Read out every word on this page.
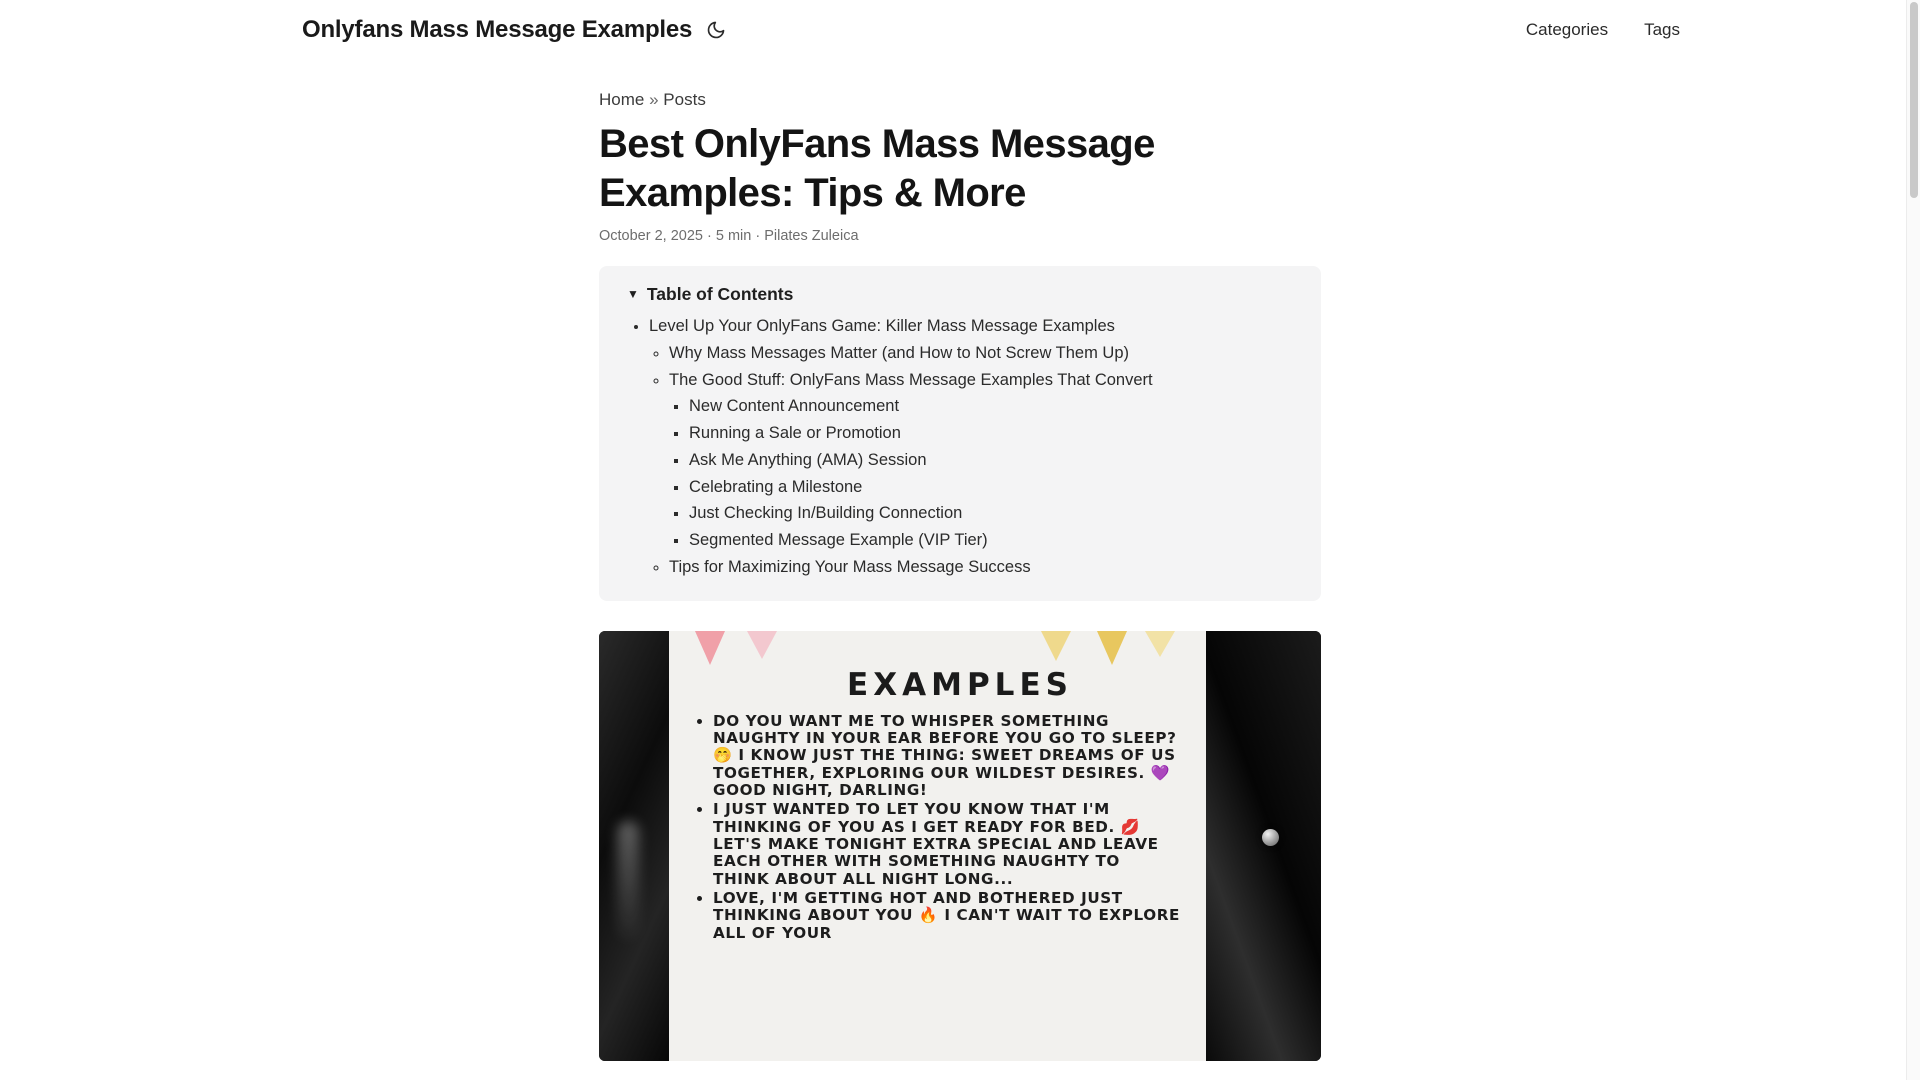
Onlyfans Mass Message Examples	Categories Tags
Home » Posts
Best OnlyFans Mass Message Examples: Tips & More
October 2, 2025 · 5 min · Pilates Zuleica
▼ Table of Contents
• Level Up Your OnlyFans Game: Killer Mass Message Examples
◦ Why Mass Messages Matter (and How to Not Screw Them Up)
◦ The Good Stuff: OnlyFans Mass Message Examples That Convert
▪ New Content Announcement
▪ Running a Sale or Promotion
▪ Ask Me Anything (AMA) Session
▪ Celebrating a Milestone
▪ Just Checking In/Building Connection
▪ Segmented Message Example (VIP Tier)
◦ Tips for Maximizing Your Mass Message Success
EXAMPLES
• DO YOU WANT ME TO WHISPER SOMETHING NAUGHTY IN YOUR EAR BEFORE YOU GO TO SLEEP? 🤭 I KNOW JUST THE THING: SWEET DREAMS OF US TOGETHER, EXPLORING OUR WILDEST DESIRES. 💜 GOOD NIGHT, DARLING!
• I JUST WANTED TO LET YOU KNOW THAT I'M THINKING OF YOU AS I GET READY FOR BED. 💋 LET'S MAKE TONIGHT EXTRA SPECIAL AND LEAVE EACH OTHER WITH SOMETHING NAUGHTY TO THINK ABOUT ALL NIGHT LONG...
• LOVE, I'M GETTING HOT AND BOTHERED JUST THINKING ABOUT YOU 🔥 I CAN'T WAIT TO EXPLORE ALL OF YOUR
